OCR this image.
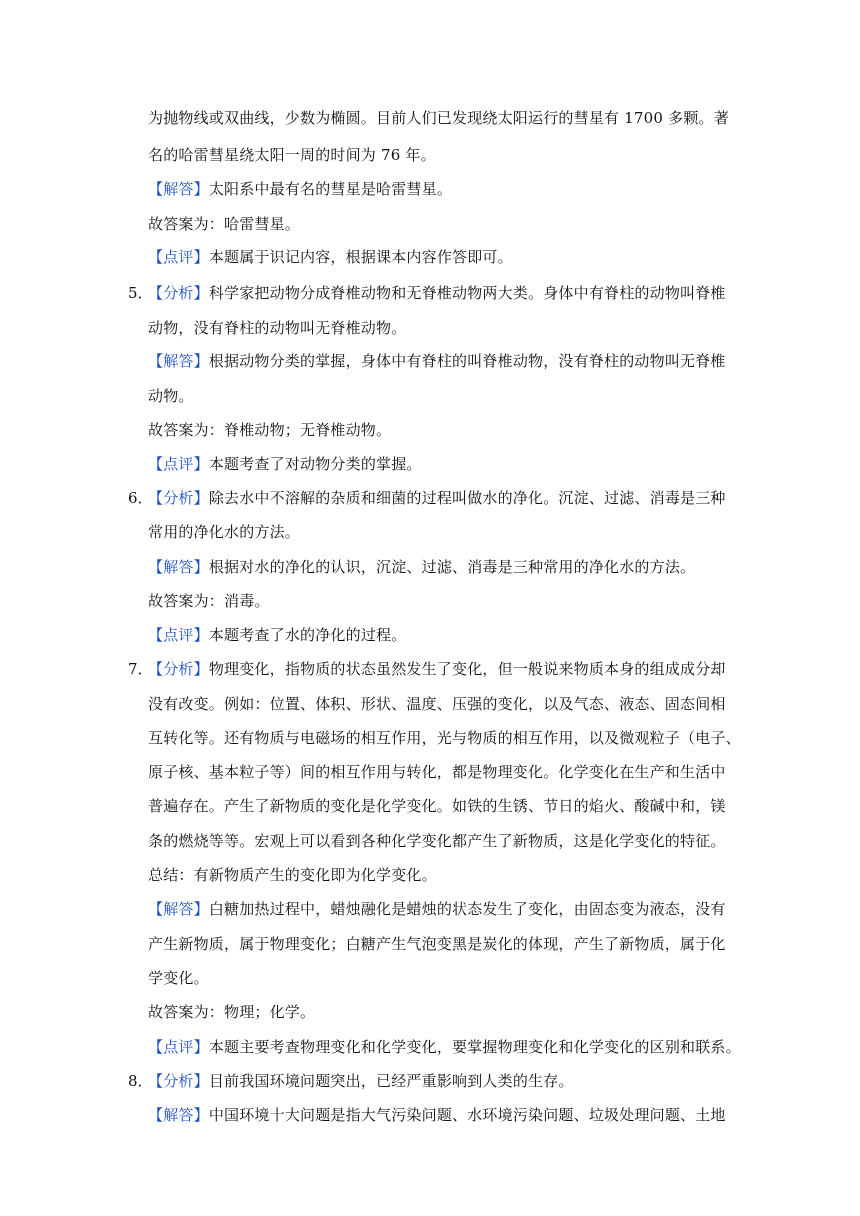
为抛物线或双曲线，少数为椭圆。目前人们已发现绕太阳运行的彗星有 1700 多颗。著
名的哈雷彗星绕太阳一周的时间为 76 年。
【解答】太阳系中最有名的彗星是哈雷彗星。
故答案为：哈雷彗星。
【点评】本题属于识记内容，根据课本内容作答即可。
5．
【分析】科学家把动物分成脊椎动物和无脊椎动物两大类。身体中有脊柱的动物叫脊椎
动物，没有脊柱的动物叫无脊椎动物。
【解答】根据动物分类的掌握，身体中有脊柱的叫脊椎动物，没有脊柱的动物叫无脊椎
动物。
故答案为：脊椎动物；无脊椎动物。
【点评】本题考查了对动物分类的掌握。
6．
【分析】除去水中不溶解的杂质和细菌的过程叫做水的净化。沉淀、过滤、消毒是三种
常用的净化水的方法。
【解答】根据对水的净化的认识，沉淀、过滤、消毒是三种常用的净化水的方法。
故答案为：消毒。
【点评】本题考查了水的净化的过程。
7．
【分析】物理变化，指物质的状态虽然发生了变化，但一般说来物质本身的组成成分却
没有改变。例如：位置、体积、形状、温度、压强的变化，以及气态、液态、固态间相
互转化等。还有物质与电磁场的相互作用，光与物质的相互作用，以及微观粒子（电子、
原子核、基本粒子等）间的相互作用与转化，都是物理变化。化学变化在生产和生活中
普遍存在。产生了新物质的变化是化学变化。如铁的生锈、节日的焰火、酸碱中和，镁
条的燃烧等等。宏观上可以看到各种化学变化都产生了新物质，这是化学变化的特征。
总结：有新物质产生的变化即为化学变化。
【解答】白糖加热过程中，蜡烛融化是蜡烛的状态发生了变化，由固态变为液态，没有
产生新物质，属于物理变化；白糖产生气泡变黑是炭化的体现，产生了新物质，属于化
学变化。
故答案为：物理；化学。
【点评】本题主要考查物理变化和化学变化，要掌握物理变化和化学变化的区别和联系。
8．
【分析】目前我国环境问题突出，已经严重影响到人类的生存。
【解答】中国环境十大问题是指大气污染问题、水环境污染问题、垃圾处理问题、土地
